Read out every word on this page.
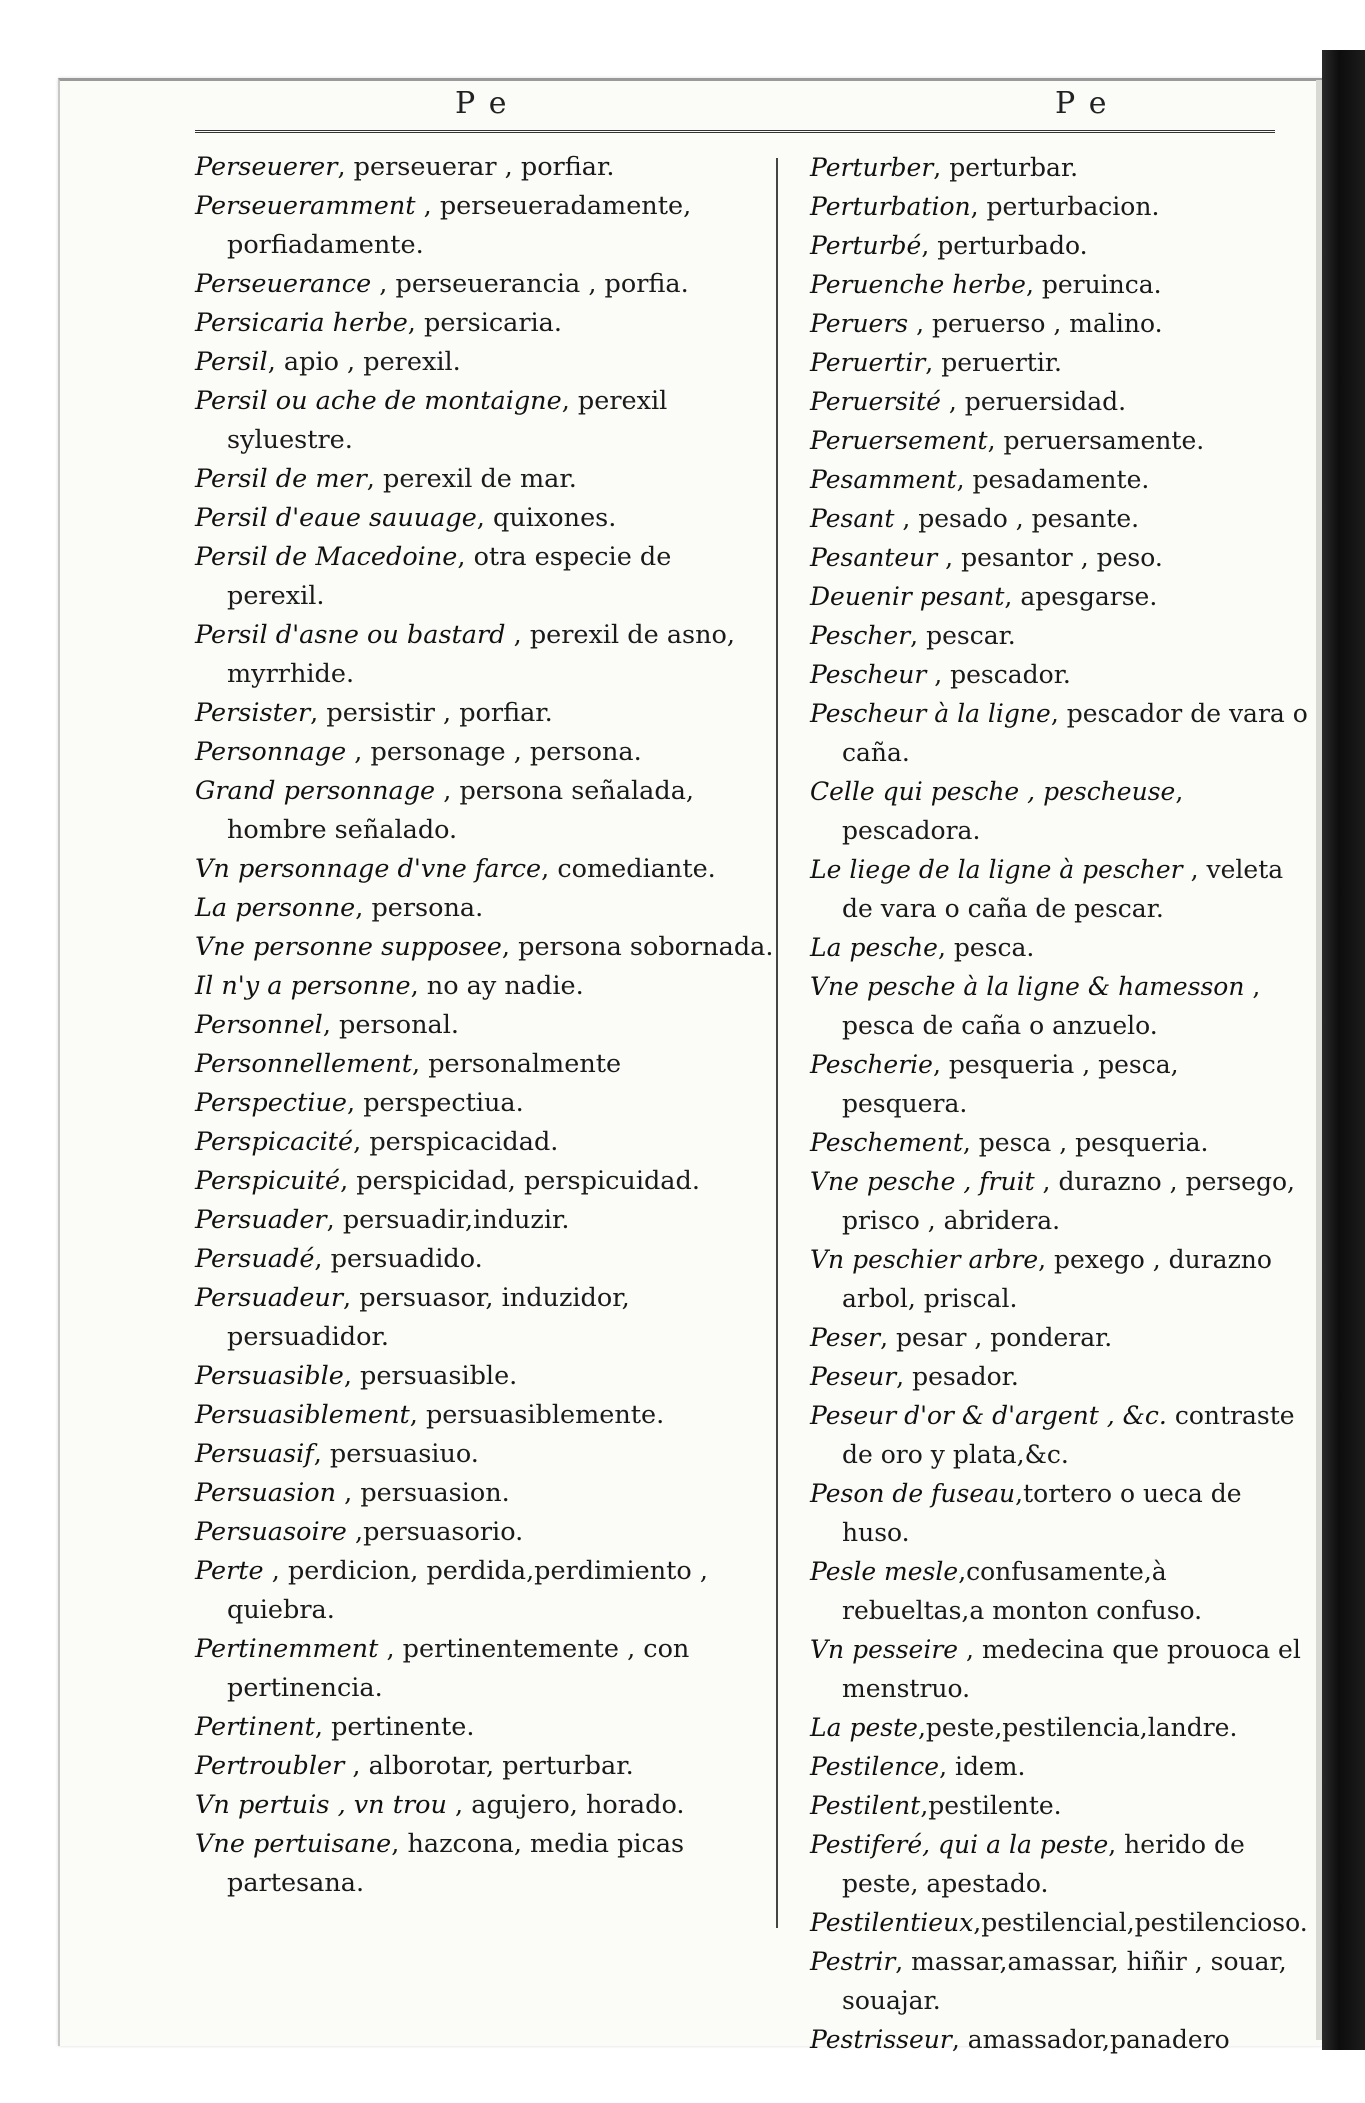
P e	P e

Perseuerer, perseuerar , porfiar.

Perseueramment , perseueradamente, porfiadamente.

Perseuerance , perseuerancia , porfia.

Persicaria herbe, persicaria.

Persil, apio , perexil.

Persil ou ache de montaigne, perexil syluestre.

Persil de mer, perexil de mar.

Persil d'eaue sauuage, quixones.

Persil de Macedoine, otra especie de perexil.

Persil d'asne ou bastard , perexil de asno, myrrhide.

Persister, persistir , porfiar.

Personnage , personage , persona.

Grand personnage , persona señalada, hombre señalado.

Vn personnage d'vne farce, comediante.

La personne, persona.

Vne personne supposee, persona sobornada.

Il n'y a personne, no ay nadie.

Personnel, personal.

Personnellement, personalmente

Perspectiue, perspectiua.

Perspicacité, perspicacidad.

Perspicuité, perspicidad, perspicuidad.

Persuader, persuadir,induzir.

Persuadé, persuadido.

Persuadeur, persuasor, induzidor, persuadidor.

Persuasible, persuasible.

Persuasiblement, persuasiblemente.

Persuasif, persuasiuo.

Persuasion , persuasion.

Persuasoire ,persuasorio.

Perte , perdicion, perdida,perdimiento , quiebra.

Pertinemment , pertinentemente , con pertinencia.

Pertinent, pertinente.

Pertroubler , alborotar, perturbar.

Vn pertuis , vn trou , agujero, horado.

Vne pertuisane, hazcona, media picas partesana.

Perturber, perturbar.

Perturbation, perturbacion.

Perturbé, perturbado.

Peruenche herbe, peruinca.

Peruers , peruerso , malino.

Peruertir, peruertir.

Peruersité , peruersidad.

Peruersement, peruersamente.

Pesamment, pesadamente.

Pesant , pesado , pesante.

Pesanteur , pesantor , peso.

Deuenir pesant, apesgarse.

Pescher, pescar.

Pescheur , pescador.

Pescheur à la ligne, pescador de vara o caña.

Celle qui pesche , pescheuse, pescadora.

Le liege de la ligne à pescher , veleta de vara o caña de pescar.

La pesche, pesca.

Vne pesche à la ligne & hamesson , pesca de caña o anzuelo.

Pescherie, pesqueria , pesca, pesquera.

Peschement, pesca , pesqueria.

Vne pesche , fruit , durazno , persego, prisco , abridera.

Vn peschier arbre, pexego , durazno arbol, priscal.

Peser, pesar , ponderar.

Peseur, pesador.

Peseur d'or & d'argent , &c. contraste de oro y plata,&c.

Peson de fuseau,tortero o ueca de huso.

Pesle mesle,confusamente,à rebueltas,a monton confuso.

Vn pesseire , medecina que prouoca el menstruo.

La peste,peste,pestilencia,landre.

Pestilence, idem.

Pestilent,pestilente.

Pestiferé, qui a la peste, herido de peste, apestado.

Pestilentieux,pestilencial,pestilencioso.

Pestrir, massar,amassar, hiñir , souar, souajar.

Pestrisseur, amassador,panadero
